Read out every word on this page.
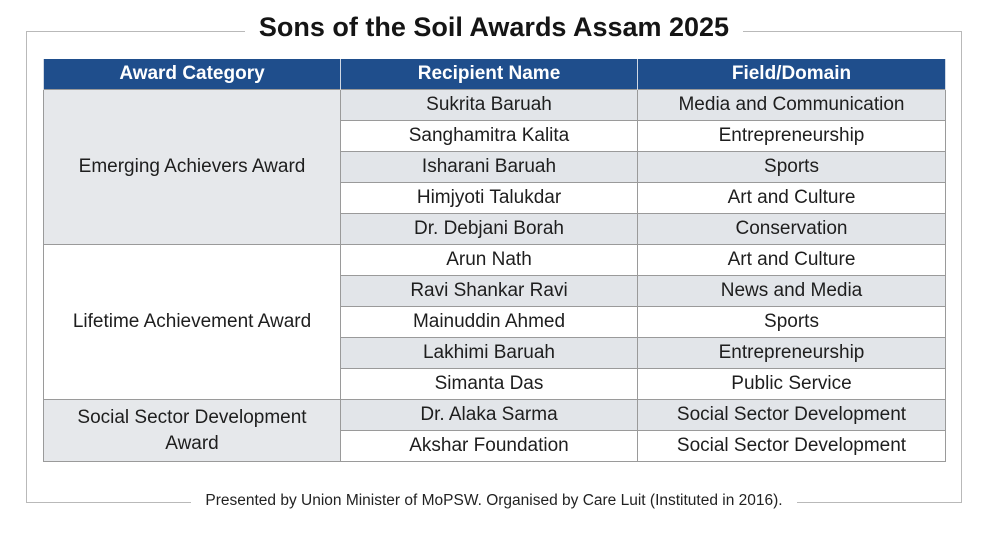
Sons of the Soil Awards Assam 2025
Award Category	Recipient Name	Field/Domain
Emerging Achievers Award	Sukrita Baruah	Media and Communication
	Sanghamitra Kalita	Entrepreneurship
	Isharani Baruah	Sports
	Himjyoti Talukdar	Art and Culture
	Dr. Debjani Borah	Conservation
Lifetime Achievement Award	Arun Nath	Art and Culture
	Ravi Shankar Ravi	News and Media
	Mainuddin Ahmed	Sports
	Lakhimi Baruah	Entrepreneurship
	Simanta Das	Public Service
Social Sector Development Award	Dr. Alaka Sarma	Social Sector Development
	Akshar Foundation	Social Sector Development
Presented by Union Minister of MoPSW. Organised by Care Luit (Instituted in 2016).
